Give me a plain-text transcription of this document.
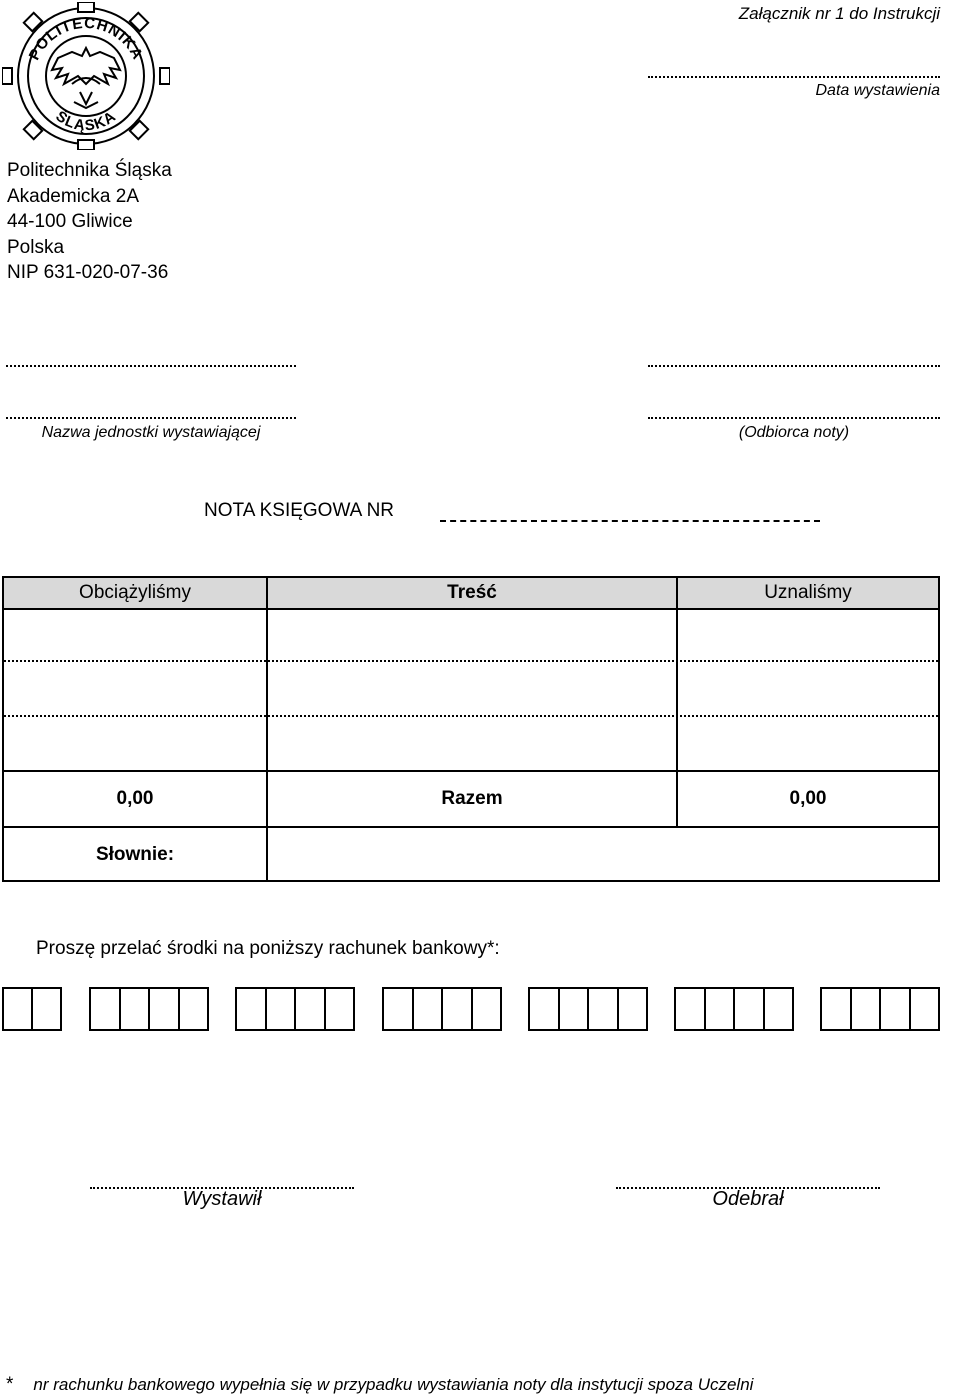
POLITECHNIKA
ŚLĄSKA
Załącznik nr 1 do Instrukcji
Data wystawienia
Politechnika Śląska
Akademicka 2A
44-100 Gliwice
Polska
NIP 631-020-07-36
Nazwa jednostki wystawiającej	(Odbiorca noty)
NOTA KSIĘGOWA NR
Obciążyliśmy	Treść	Uznaliśmy
0,00	Razem	0,00
Słownie:
Proszę przelać środki na poniższy rachunek bankowy*:
Wystawił	Odebrał
* nr rachunku bankowego wypełnia się w przypadku wystawiania noty dla instytucji spoza Uczelni
